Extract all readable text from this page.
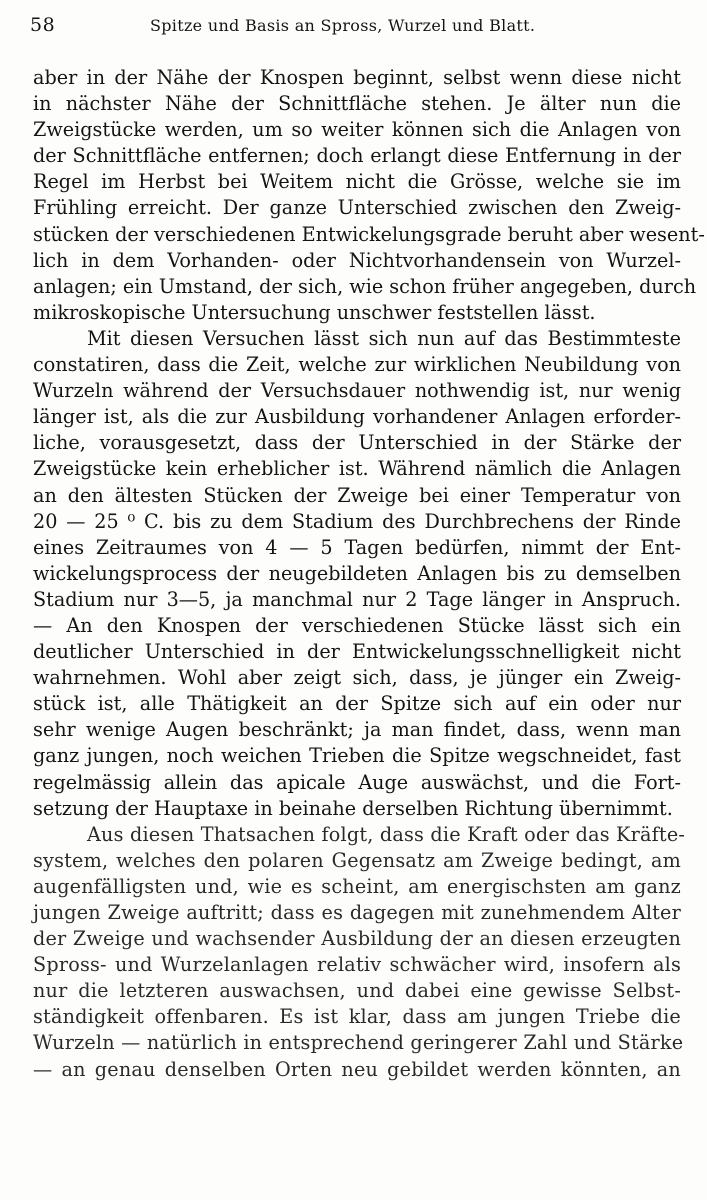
58	Spitze und Basis an Spross, Wurzel und Blatt.
aber in der Nähe der Knospen beginnt, selbst wenn diese nicht
in nächster Nähe der Schnittfläche stehen. Je älter nun die
Zweigstücke werden, um so weiter können sich die Anlagen von
der Schnittfläche entfernen; doch erlangt diese Entfernung in der
Regel im Herbst bei Weitem nicht die Grösse, welche sie im
Frühling erreicht. Der ganze Unterschied zwischen den Zweig-
stücken der verschiedenen Entwickelungsgrade beruht aber wesent-
lich in dem Vorhanden- oder Nichtvorhandensein von Wurzel-
anlagen; ein Umstand, der sich, wie schon früher angegeben, durch
mikroskopische Untersuchung unschwer feststellen lässt.
Mit diesen Versuchen lässt sich nun auf das Bestimmteste
constatiren, dass die Zeit, welche zur wirklichen Neubildung von
Wurzeln während der Versuchsdauer nothwendig ist, nur wenig
länger ist, als die zur Ausbildung vorhandener Anlagen erforder-
liche, vorausgesetzt, dass der Unterschied in der Stärke der
Zweigstücke kein erheblicher ist. Während nämlich die Anlagen
an den ältesten Stücken der Zweige bei einer Temperatur von
20 — 25 ⁰ C. bis zu dem Stadium des Durchbrechens der Rinde
eines Zeitraumes von 4 — 5 Tagen bedürfen, nimmt der Ent-
wickelungsprocess der neugebildeten Anlagen bis zu demselben
Stadium nur 3—5, ja manchmal nur 2 Tage länger in Anspruch.
— An den Knospen der verschiedenen Stücke lässt sich ein
deutlicher Unterschied in der Entwickelungsschnelligkeit nicht
wahrnehmen. Wohl aber zeigt sich, dass, je jünger ein Zweig-
stück ist, alle Thätigkeit an der Spitze sich auf ein oder nur
sehr wenige Augen beschränkt; ja man findet, dass, wenn man
ganz jungen, noch weichen Trieben die Spitze wegschneidet, fast
regelmässig allein das apicale Auge auswächst, und die Fort-
setzung der Hauptaxe in beinahe derselben Richtung übernimmt.
Aus diesen Thatsachen folgt, dass die Kraft oder das Kräfte-
system, welches den polaren Gegensatz am Zweige bedingt, am
augenfälligsten und, wie es scheint, am energischsten am ganz
jungen Zweige auftritt; dass es dagegen mit zunehmendem Alter
der Zweige und wachsender Ausbildung der an diesen erzeugten
Spross- und Wurzelanlagen relativ schwächer wird, insofern als
nur die letzteren auswachsen, und dabei eine gewisse Selbst-
ständigkeit offenbaren. Es ist klar, dass am jungen Triebe die
Wurzeln — natürlich in entsprechend geringerer Zahl und Stärke
— an genau denselben Orten neu gebildet werden könnten, an
